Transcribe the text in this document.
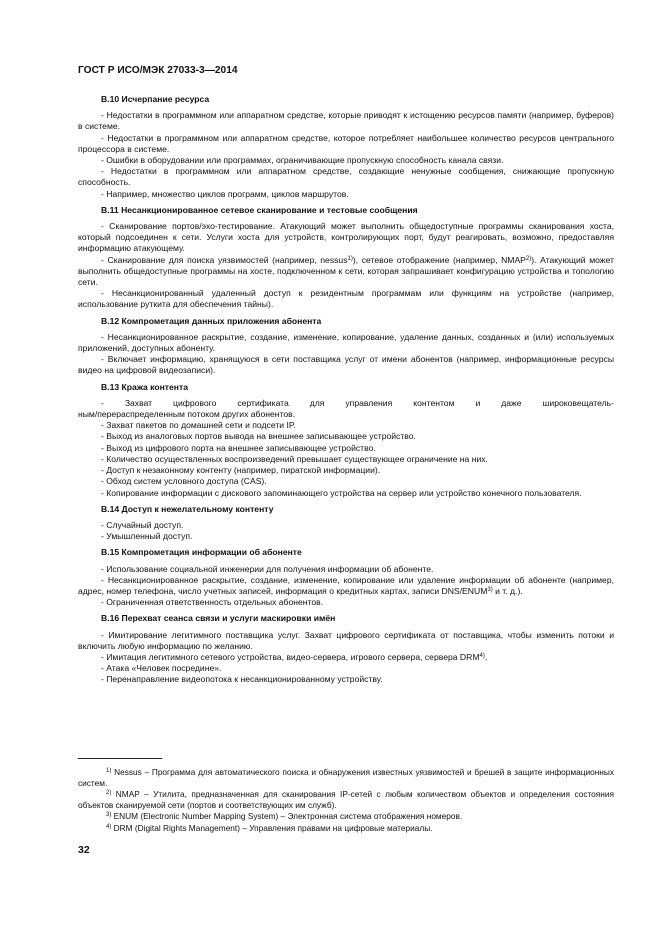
ГОСТ Р ИСО/МЭК 27033-3—2014
В.10 Исчерпание ресурса

- Недостатки в программном или аппаратном средстве, которые приводят к истощению ресурсов памяти (например, буферов) в системе.

- Недостатки в программном или аппаратном средстве, которое потребляет наибольшее количество ресурсов центрального процессора в системе.

- Ошибки в оборудовании или программах, ограничивающие пропускную способность канала связи.

- Недостатки в программном или аппаратном средстве, создающие ненужные сообщения, снижающие пропускную способность.

- Например, множество циклов программ, циклов маршрутов.

В.11 Несанкционированное сетевое сканирование и тестовые сообщения

- Сканирование портов/эхо-тестирование. Атакующий может выполнить общедоступные программы сканирования хоста, который подсоединен к сети. Услуги хоста для устройств, контролирующих порт, будут реагировать, возможно, предоставляя информацию атакующему.

- Сканирование для поиска уязвимостей (например, nessus$^{1)}$), сетевое отображение (например, NMAP$^{2)}$). Атакующий может выполнить общедоступные программы на хосте, подключенном к сети, которая запрашивает конфигурацию устройства и топологию сети.

- Несанкционированный удаленный доступ к резидентным программам или функциям на устройстве (например, использование руткита для обеспечения тайны).

В.12 Компрометация данных приложения абонента

- Несанкционированное раскрытие, создание, изменение, копирование, удаление данных, созданных и (или) используемых приложений, доступных абоненту.

- Включает информацию, хранящуюся в сети поставщика услуг от имени абонентов (например, информационные ресурсы видео на цифровой видеозаписи).

В.13 Кража контента

- Захват цифрового сертификата для управления контентом и даже широковещатель-

ным/перераспределенным потоком других абонентов.

- Захват пакетов по домашней сети и подсети IP.

- Выход из аналоговых портов вывода на внешнее записывающее устройство.

- Выход из цифрового порта на внешнее записывающее устройство.

- Количество осуществленных воспроизведений превышает существующее ограничение на них.

- Доступ к незаконному контенту (например, пиратской информации).

- Обход систем условного доступа (CAS).

- Копирование информации с дискового запоминающего устройства на сервер или устройство конечного пользователя.

В.14 Доступ к нежелательному контенту

- Случайный доступ.

- Умышленный доступ.

В.15 Компрометация информации об абоненте

- Использование социальной инженерии для получения информации об абоненте.

- Несанкционированное раскрытие, создание, изменение, копирование или удаление информации об абоненте (например, адрес, номер телефона, число учетных записей, информация о кредитных картах, записи DNS/ENUM$^{3)}$ и т. д.).

- Ограниченная ответственность отдельных абонентов.

В.16 Перехват сеанса связи и услуги маскировки имён

- Имитирование легитимного поставщика услуг. Захват цифрового сертификата от поставщика, чтобы изменить потоки и включить любую информацию по желанию.

- Имитация легитимного сетевого устройства, видео-сервера, игрового сервера, сервера DRM$^{4)}$.

- Атака «Человек посредине».

- Перенаправление видеопотока к несанкционированному устройству.

$^{1)}$ Nessus – Программа для автоматического поиска и обнаружения известных уязвимостей и брешей в защите информационных систем.

$^{2)}$ NMAP – Утилита, предназначенная для сканирования IP-сетей с любым количеством объектов и определения состояния объектов сканируемой сети (портов и соответствующих им служб).

$^{3)}$ ENUM (Electronic Number Mapping System) – Электронная система отображения номеров.

$^{4)}$ DRM (Digital Rights Management) – Управления правами на цифровые материалы.

32
